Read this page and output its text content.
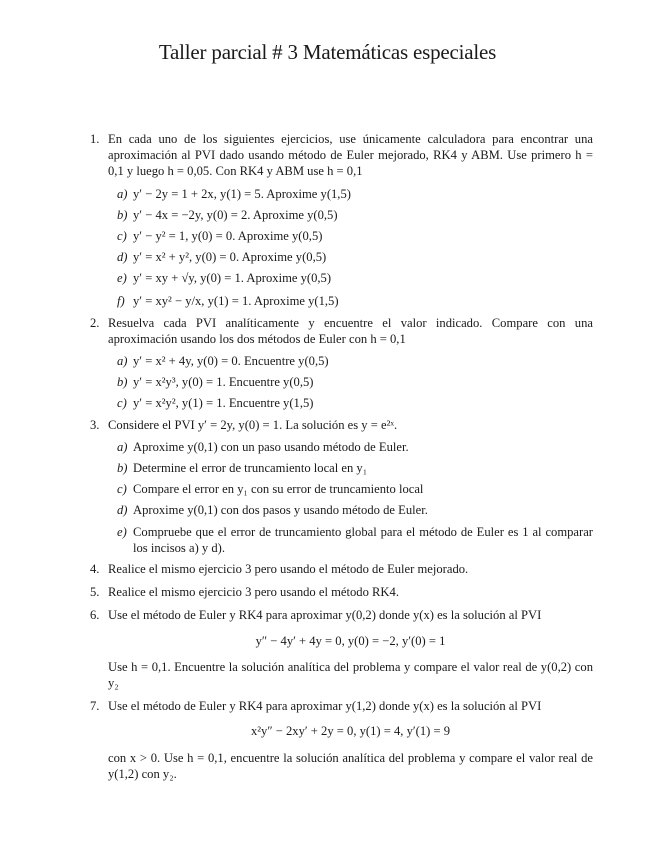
Taller parcial # 3 Matemáticas especiales
1. En cada uno de los siguientes ejercicios, use únicamente calculadora para encontrar una aproximación al PVI dado usando método de Euler mejorado, RK4 y ABM. Use primero h = 0,1 y luego h = 0,05. Con RK4 y ABM use h = 0,1

a) y′ − 2y = 1 + 2x, y(1) = 5. Aproxime y(1,5)
b) y′ − 4x = −2y, y(0) = 2. Aproxime y(0,5)
c) y′ − y² = 1, y(0) = 0. Aproxime y(0,5)
d) y′ = x² + y², y(0) = 0. Aproxime y(0,5)
e) y′ = xy + √y, y(0) = 1. Aproxime y(0,5)
f) y′ = xy² − y/x, y(1) = 1. Aproxime y(1,5)
2. Resuelva cada PVI analíticamente y encuentre el valor indicado. Compare con una aproximación usando los dos métodos de Euler con h = 0,1

a) y′ = x² + 4y, y(0) = 0. Encuentre y(0,5)
b) y′ = x²y³, y(0) = 1. Encuentre y(0,5)
c) y′ = x²y², y(1) = 1. Encuentre y(1,5)
3. Considere el PVI y′ = 2y, y(0) = 1. La solución es y = e²ˣ.

a) Aproxime y(0,1) con un paso usando método de Euler.
b) Determine el error de truncamiento local en y₁
c) Compare el error en y₁ con su error de truncamiento local
d) Aproxime y(0,1) con dos pasos y usando método de Euler.
e) Compruebe que el error de truncamiento global para el método de Euler es 1 al comparar los incisos a) y d).
4. Realice el mismo ejercicio 3 pero usando el método de Euler mejorado.

5. Realice el mismo ejercicio 3 pero usando el método RK4.

6. Use el método de Euler y RK4 para aproximar y(0,2) donde y(x) es la solución al PVI

y″ − 4y′ + 4y = 0, y(0) = −2, y′(0) = 1

Use h = 0,1. Encuentre la solución analítica del problema y compare el valor real de y(0,2) con y₂

7. Use el método de Euler y RK4 para aproximar y(1,2) donde y(x) es la solución al PVI

x²y″ − 2xy′ + 2y = 0, y(1) = 4, y′(1) = 9

con x > 0. Use h = 0,1, encuentre la solución analítica del problema y compare el valor real de y(1,2) con y₂.
